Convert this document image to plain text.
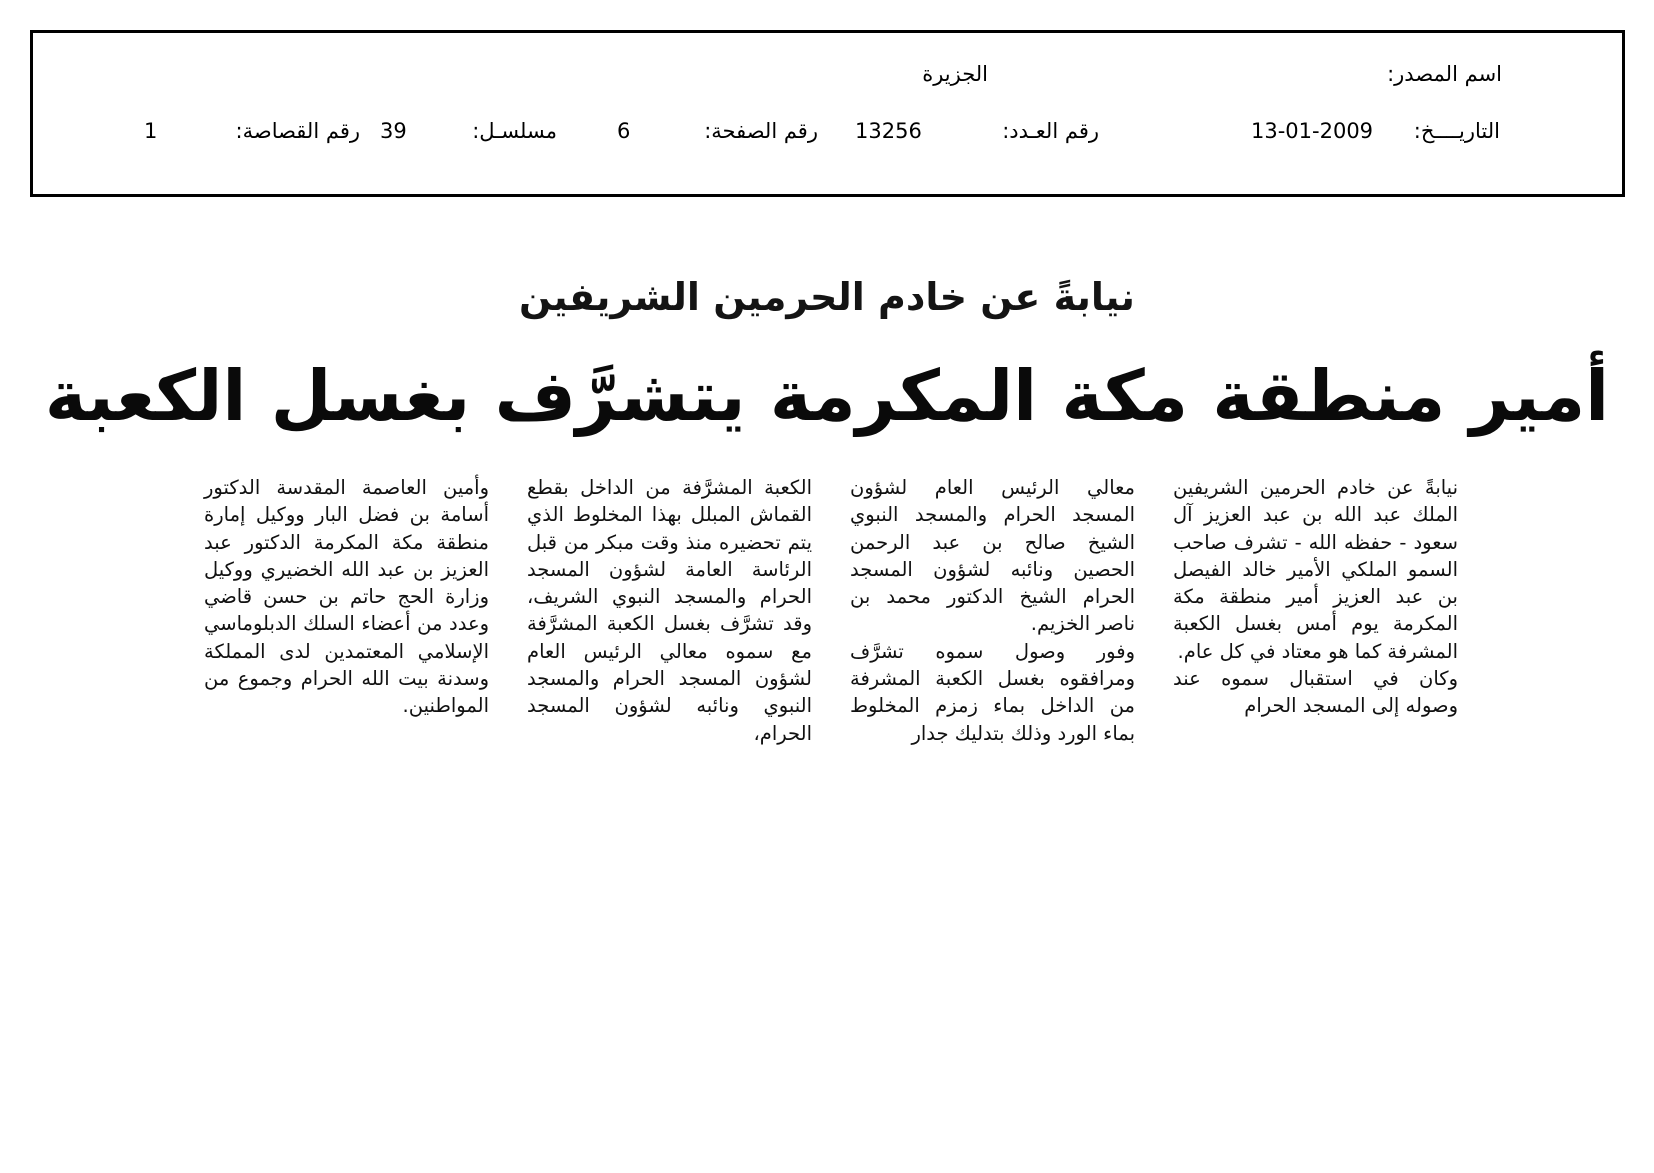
اسم المصدر:
الجزيرة
التاريــــخ:
13-01-2009
رقم العـدد:
13256
رقم الصفحة:
6
مسلسـل:
39
رقم القصاصة:
1
نيابةً عن خادم الحرمين الشريفين
أمير منطقة مكة المكرمة يتشرَّف بغسل الكعبة

نيابةً عن خادم الحرمين الشريفين الملك عبد الله بن عبد العزيز آل سعود - حفظه الله - تشرف صاحب السمو الملكي الأمير خالد الفيصل بن عبد العزيز أمير منطقة مكة المكرمة يوم أمس بغسل الكعبة المشرفة كما هو معتاد في كل عام.

وكان في استقبال سموه عند وصوله إلى المسجد الحرام

معالي الرئيس العام لشؤون المسجد الحرام والمسجد النبوي الشيخ صالح بن عبد الرحمن الحصين ونائبه لشؤون المسجد الحرام الشيخ الدكتور محمد بن ناصر الخزيم.

وفور وصول سموه تشرَّف ومرافقوه بغسل الكعبة المشرفة من الداخل بماء زمزم المخلوط بماء الورد وذلك بتدليك جدار

الكعبة المشرَّفة من الداخل بقطع القماش المبلل بهذا المخلوط الذي يتم تحضيره منذ وقت مبكر من قبل الرئاسة العامة لشؤون المسجد الحرام والمسجد النبوي الشريف، وقد تشرَّف بغسل الكعبة المشرَّفة مع سموه معالي الرئيس العام لشؤون المسجد الحرام والمسجد النبوي ونائبه لشؤون المسجد الحرام،

وأمين العاصمة المقدسة الدكتور أسامة بن فضل البار ووكيل إمارة منطقة مكة المكرمة الدكتور عبد العزيز بن عبد الله الخضيري ووكيل وزارة الحج حاتم بن حسن قاضي وعدد من أعضاء السلك الدبلوماسي الإسلامي المعتمدين لدى المملكة وسدنة بيت الله الحرام وجموع من المواطنين.
